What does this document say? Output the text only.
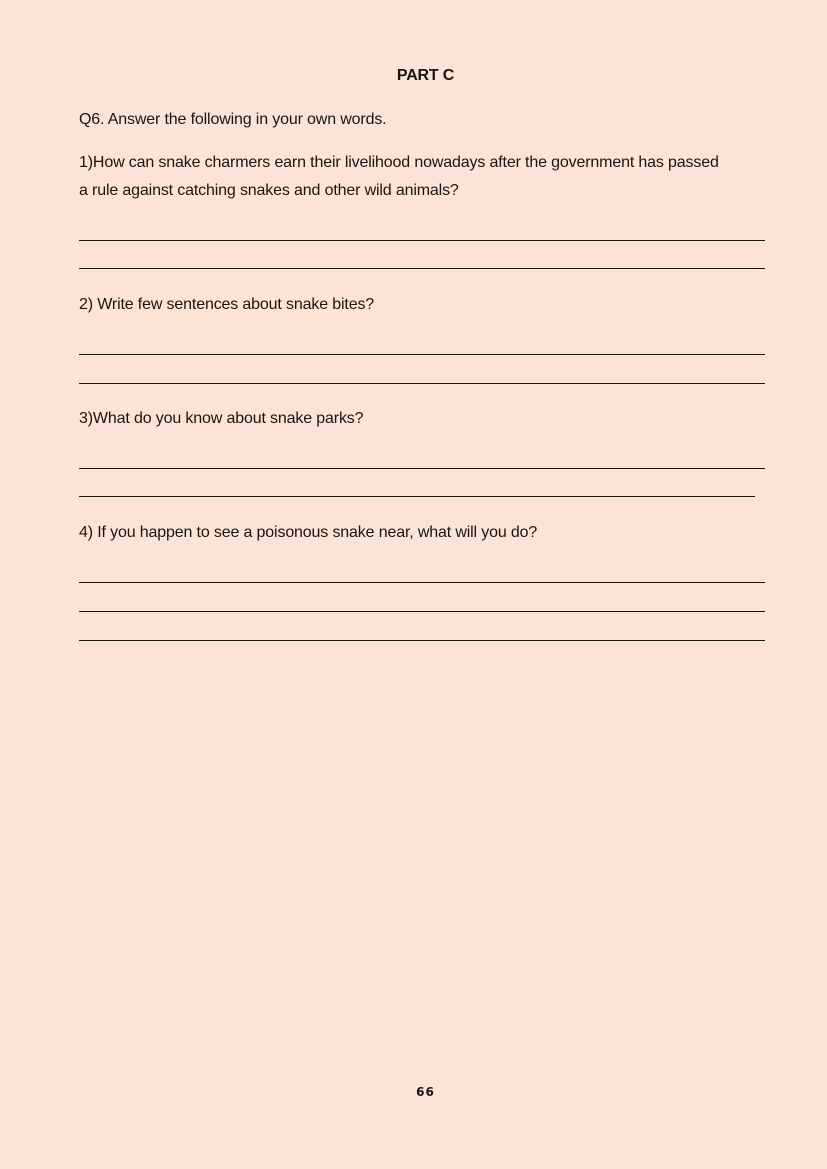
PART C
Q6. Answer the following in your own words.
1)How can snake charmers earn their livelihood nowadays after the government has passed
a rule against catching snakes and other wild animals?
2) Write few sentences about snake bites?
3)What do you know about snake parks?
4) If you happen to see a poisonous snake near, what will you do?
66
